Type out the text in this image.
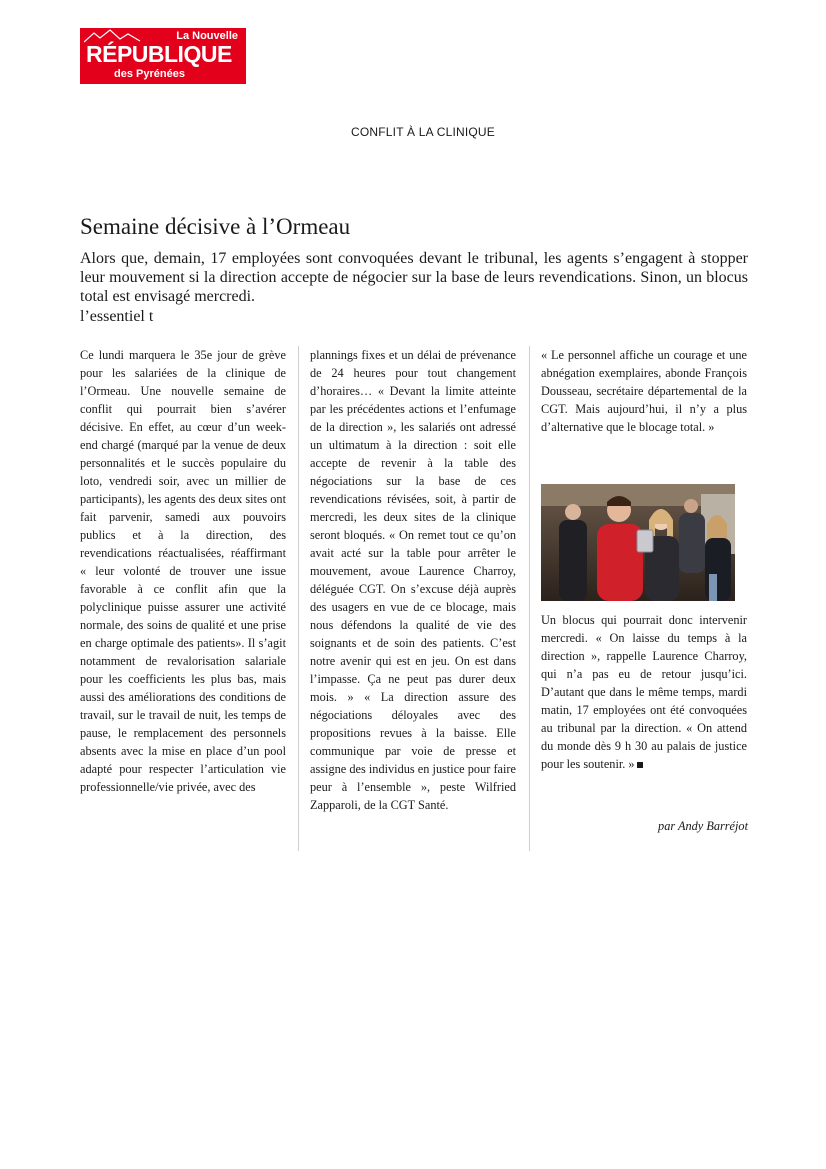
La Nouvelle
RÉPUBLIQUE
des Pyrénées
CONFLIT À LA CLINIQUE
Semaine décisive à l’Ormeau

Alors que, demain, 17 employées sont convoquées devant le tribunal, les agents s’engagent à stopper leur mouvement si la direction accepte de négocier sur la base de leurs revendications. Sinon, un blocus total est envisagé mercredi.

l’essentiel t

Ce lundi marquera le 35e jour de grève pour les salariées de la clinique de l’Ormeau. Une nouvelle semaine de conflit qui pourrait bien s’avérer décisive. En effet, au cœur d’un week-end chargé (marqué par la venue de deux personnalités et le succès populaire du loto, vendredi soir, avec un millier de participants), les agents des deux sites ont fait parvenir, samedi aux pouvoirs publics et à la direction, des revendications réactualisées, réaffirmant « leur volonté de trouver une issue favorable à ce conflit afin que la polyclinique puisse assurer une activité normale, des soins de qualité et une prise en charge optimale des patients». Il s’agit notamment de revalorisation salariale pour les coefficients les plus bas, mais aussi des améliorations des conditions de travail, sur le travail de nuit, les temps de pause, le remplacement des personnels absents avec la mise en place d’un pool adapté pour respecter l’articulation vie professionnelle/vie privée, avec des

plannings fixes et un délai de prévenance de 24 heures pour tout changement d’horaires… « Devant la limite atteinte par les précédentes actions et l’enfumage de la direction », les salariés ont adressé un ultimatum à la direction : soit elle accepte de revenir à la table des négociations sur la base de ces revendications révisées, soit, à partir de mercredi, les deux sites de la clinique seront bloqués. « On remet tout ce qu’on avait acté sur la table pour arrêter le mouvement, avoue Laurence Charroy, déléguée CGT. On s’excuse déjà auprès des usagers en vue de ce blocage, mais nous défendons la qualité de vie des soignants et de soin des patients. C’est notre avenir qui est en jeu. On est dans l’impasse. Ça ne peut pas durer deux mois. » « La direction assure des négociations déloyales avec des propositions revues à la baisse. Elle communique par voie de presse et assigne des individus en justice pour faire peur à l’ensemble », peste Wilfried Zapparoli, de la CGT Santé.

« Le personnel affiche un courage et une abnégation exemplaires, abonde François Dousseau, secrétaire départemental de la CGT. Mais aujourd’hui, il n’y a plus d’alternative que le blocage total. »

Un blocus qui pourrait donc intervenir mercredi. « On laisse du temps à la direction », rappelle Laurence Charroy, qui n’a pas eu de retour jusqu’ici. D’autant que dans le même temps, mardi matin, 17 employées ont été convoquées au tribunal par la direction. « On attend du monde dès 9 h 30 au palais de justice pour les soutenir. »

par Andy Barréjot
